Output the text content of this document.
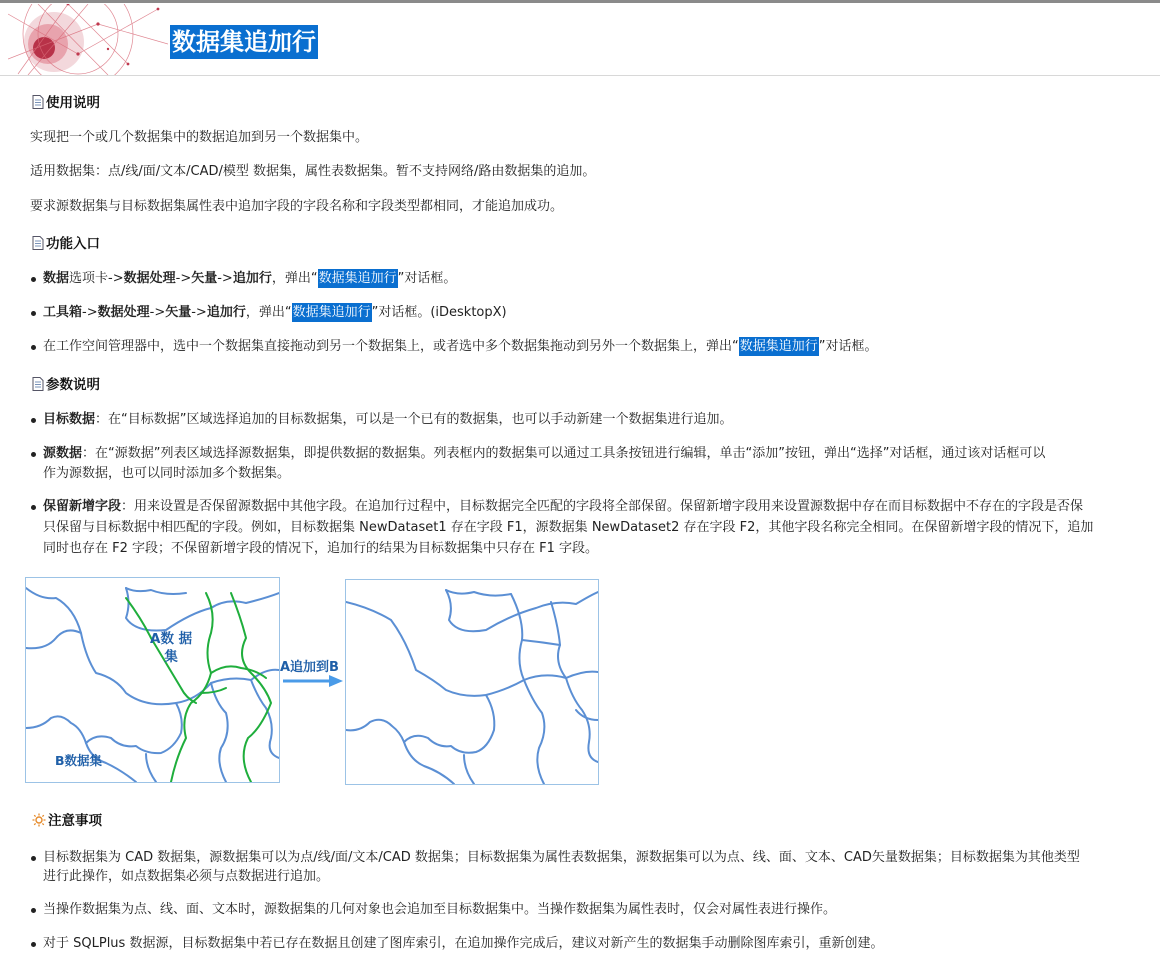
数据集追加行
使用说明
实现把一个或几个数据集中的数据追加到另一个数据集中。
适用数据集：点/线/面/文本/CAD/模型 数据集，属性表数据集。暂不支持网络/路由数据集的追加。
要求源数据集与目标数据集属性表中追加字段的字段名称和字段类型都相同，才能追加成功。
功能入口
数据选项卡->数据处理->矢量->追加行，弹出“数据集追加行”对话框。
工具箱->数据处理->矢量->追加行，弹出“数据集追加行”对话框。(iDesktopX)
在工作空间管理器中，选中一个数据集直接拖动到另一个数据集上，或者选中多个数据集拖动到另外一个数据集上，弹出“数据集追加行”对话框。
参数说明
目标数据：在“目标数据”区域选择追加的目标数据集，可以是一个已有的数据集，也可以手动新建一个数据集进行追加。
源数据：在“源数据”列表区域选择源数据集，即提供数据的数据集。列表框内的数据集可以通过工具条按钮进行编辑，单击“添加”按钮，弹出“选择”对话框，通过该对话框可以
作为源数据，也可以同时添加多个数据集。
保留新增字段：用来设置是否保留源数据中其他字段。在追加行过程中，目标数据完全匹配的字段将全部保留。保留新增字段用来设置源数据中存在而目标数据中不存在的字段是否保
只保留与目标数据中相匹配的字段。例如，目标数据集 NewDataset1 存在字段 F1，源数据集 NewDataset2 存在字段 F2，其他字段名称完全相同。在保留新增字段的情况下，追加
同时也存在 F2 字段；不保留新增字段的情况下，追加行的结果为目标数据集中只存在 F1 字段。
A数 据
集
B数据集
A追加到B
注意事项
目标数据集为 CAD 数据集，源数据集可以为点/线/面/文本/CAD 数据集；目标数据集为属性表数据集，源数据集可以为点、线、面、文本、CAD矢量数据集；目标数据集为其他类型
进行此操作，如点数据集必须与点数据进行追加。
当操作数据集为点、线、面、文本时，源数据集的几何对象也会追加至目标数据集中。当操作数据集为属性表时，仅会对属性表进行操作。
对于 SQLPlus 数据源，目标数据集中若已存在数据且创建了图库索引，在追加操作完成后，建议对新产生的数据集手动删除图库索引，重新创建。
